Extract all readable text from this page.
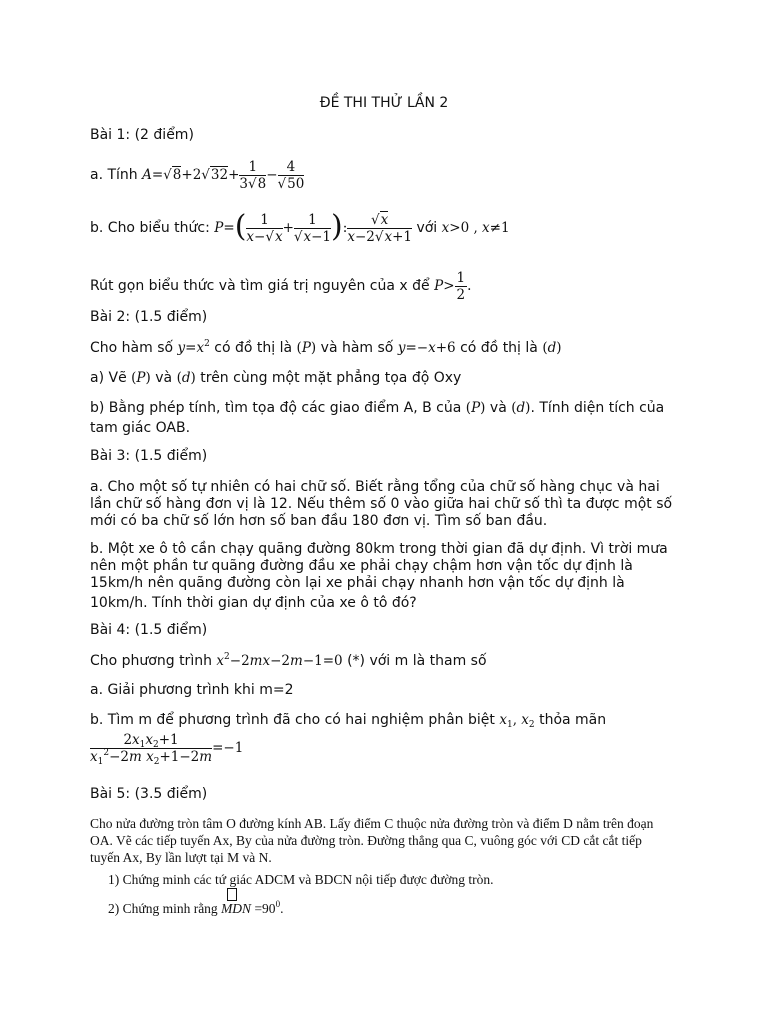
ĐỀ THI THỬ LẦN 2
Bài 1: (2 điểm)
a. Tính $A=√8+2√32+ \frac{1}{3√8} - \frac{4}{√50}$
b. Cho biểu thức: $P=( \frac{1}{x-√x} + \frac{1}{√x-1}$ ): $\frac{√x}{x-2√x+1}$ với x>0 , x≠1
Rút gọn biểu thức và tìm giá trị nguyên của x để $P> \frac{1}{2}$ .
Bài 2: (1.5 điểm)
Cho hàm số $y=x^2$ có đồ thị là (P) và hàm số y=−x+6 có đồ thị là (d)
a) Vẽ (P) và (d) trên cùng một mặt phẳng tọa độ Oxy
b) Bằng phép tính, tìm tọa độ các giao điểm A, B của (P) và (d). Tính diện tích của
tam giác OAB.
Bài 3: (1.5 điểm)
a. Cho một số tự nhiên có hai chữ số. Biết rằng tổng của chữ số hàng chục và hai
lần chữ số hàng đơn vị là 12. Nếu thêm số 0 vào giữa hai chữ số thì ta được một số
mới có ba chữ số lớn hơn số ban đầu 180 đơn vị. Tìm số ban đầu.
b. Một xe ô tô cần chạy quãng đường 80km trong thời gian đã dự định. Vì trời mưa
nên một phần tư quãng đường đầu xe phải chạy chậm hơn vận tốc dự định là
15km/h nên quãng đường còn lại xe phải chạy nhanh hơn vận tốc dự định là
10km/h. Tính thời gian dự định của xe ô tô đó?
Bài 4: (1.5 điểm)
Cho phương trình $x^2-2mx-2m-1=0$ (*) với m là tham số
a. Giải phương trình khi m=2
b. Tìm m để phương trình đã cho có hai nghiệm phân biệt $x_1$, $x_2$ thỏa mãn
$\frac{2x_1x_2+1}{x_1^2-2m x_2+1-2m} =-1$
Bài 5: (3.5 điểm)
Cho nửa đường tròn tâm O đường kính AB. Lấy điểm C thuộc nửa đường tròn và điểm D nằm trên đoạn
OA. Vẽ các tiếp tuyến Ax, By của nửa đường tròn. Đường thẳng qua C, vuông góc với CD cắt cắt tiếp
tuyến Ax, By lần lượt tại M và N.
1) Chứng minh các tứ giác ADCM và BDCN nội tiếp được đường tròn.
2) Chứng minh rằng MDN $=90^0$.
